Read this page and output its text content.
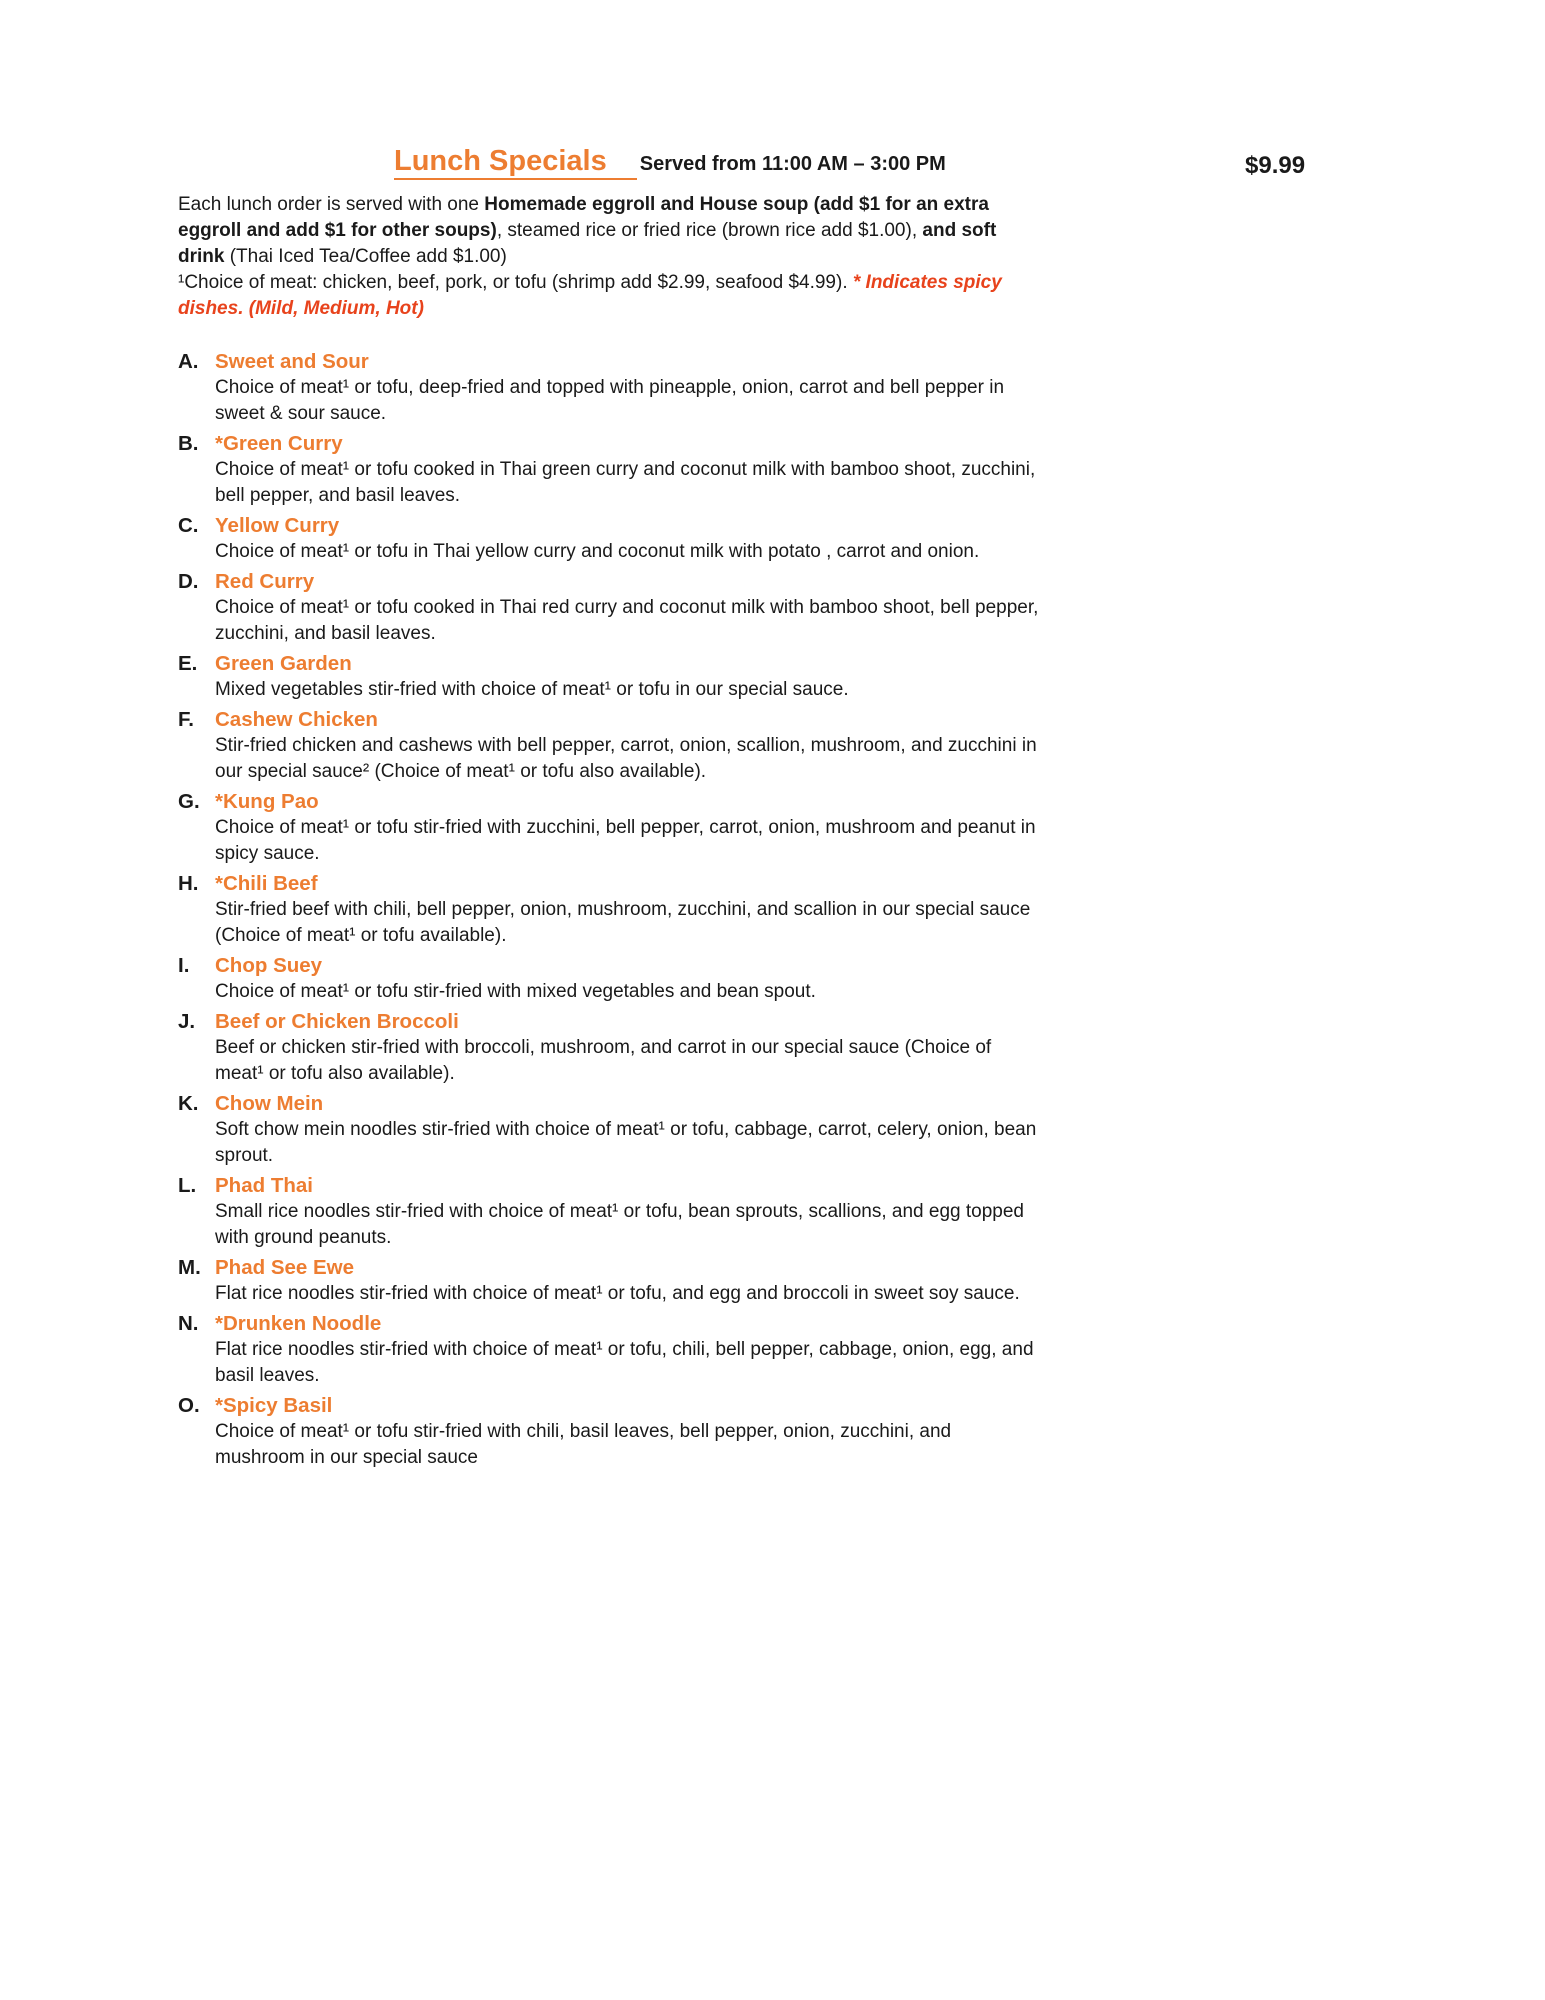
Lunch Specials	Served from 11:00 AM – 3:00 PM	$9.99

Each lunch order is served with one Homemade eggroll and House soup (add $1 for an extra eggroll and add $1 for other soups), steamed rice or fried rice (brown rice add $1.00), and soft drink (Thai Iced Tea/Coffee add $1.00)

¹Choice of meat: chicken, beef, pork, or tofu (shrimp add $2.99, seafood $4.99). * Indicates spicy dishes. (Mild, Medium, Hot)

A. Sweet and Sour
Choice of meat¹ or tofu, deep-fried and topped with pineapple, onion, carrot and bell pepper in sweet & sour sauce.
B. *Green Curry
Choice of meat¹ or tofu cooked in Thai green curry and coconut milk with bamboo shoot, zucchini, bell pepper, and basil leaves.
C. Yellow Curry
Choice of meat¹ or tofu in Thai yellow curry and coconut milk with potato , carrot and onion.
D. Red Curry
Choice of meat¹ or tofu cooked in Thai red curry and coconut milk with bamboo shoot, bell pepper, zucchini, and basil leaves.
E. Green Garden
Mixed vegetables stir-fried with choice of meat¹ or tofu in our special sauce.
F.	Cashew Chicken
Stir-fried chicken and cashews with bell pepper, carrot, onion, scallion, mushroom, and zucchini in our special sauce² (Choice of meat¹ or tofu also available).
G. *Kung Pao
Choice of meat¹ or tofu stir-fried with zucchini, bell pepper, carrot, onion, mushroom and peanut in spicy sauce.
H. *Chili Beef
Stir-fried beef with chili, bell pepper, onion, mushroom, zucchini, and scallion in our special sauce (Choice of meat¹ or tofu available).
I.	Chop Suey
Choice of meat¹ or tofu stir-fried with mixed vegetables and bean spout.
J. Beef or Chicken Broccoli
Beef or chicken stir-fried with broccoli, mushroom, and carrot in our special sauce (Choice of meat¹ or tofu also available).
K. Chow Mein
Soft chow mein noodles stir-fried with choice of meat¹ or tofu, cabbage, carrot, celery, onion, bean sprout.
L. Phad Thai
Small rice noodles stir-fried with choice of meat¹ or tofu, bean sprouts, scallions, and egg topped with ground peanuts.
M. Phad See Ewe
Flat rice noodles stir-fried with choice of meat¹ or tofu, and egg and broccoli in sweet soy sauce.
N. *Drunken Noodle
Flat rice noodles stir-fried with choice of meat¹ or tofu, chili, bell pepper, cabbage, onion, egg, and basil leaves.
O. *Spicy Basil
Choice of meat¹ or tofu stir-fried with chili, basil leaves, bell pepper, onion, zucchini, and mushroom in our special sauce
